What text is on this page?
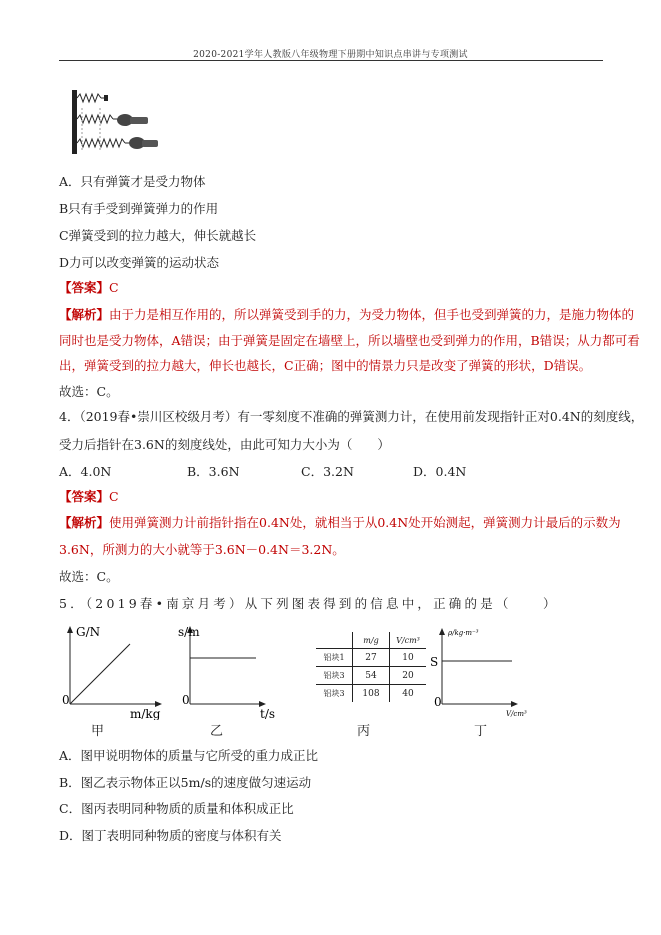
2020-2021学年人教版八年级物理下册期中知识点串讲与专项测试
A．只有弹簧才是受力物体
B只有手受到弹簧弹力的作用
C弹簧受到的拉力越大，伸长就越长
D力可以改变弹簧的运动状态
【答案】C
【解析】由于力是相互作用的，所以弹簧受到手的力，为受力物体，但手也受到弹簧的力，是施力物体的
同时也是受力物体，A错误；由于弹簧是固定在墙壁上，所以墙壁也受到弹力的作用，B错误；从力都可看
出，弹簧受到的拉力越大，伸长也越长，C正确；图中的情景力只是改变了弹簧的形状，D错误。
故选：C。
4．（2019春•崇川区校级月考）有一零刻度不准确的弹簧测力计，在使用前发现指针正对0.4N的刻度线，
受力后指针在3.6N的刻度线处，由此可知力大小为（　　）
A．4.0N	B．3.6N	C．3.2N	D．0.4N
【答案】C
【解析】使用弹簧测力计前指针指在0.4N处，就相当于从0.4N处开始测起，弹簧测力计最后的示数为
3.6N，所测力的大小就等于3.6N－0.4N＝3.2N。
故选：C。
5．（2019春•南京月考）从下列图表得到的信息中，正确的是（　　）
G/N
0
m/kg
甲
s/m
0
t/s
乙
	m/g	V/cm³
铝块1	27	10
铝块3	54	20
铝块3	108	40
丙
ρ/kg·m⁻³
S
0
V/cm³
丁
A．图甲说明物体的质量与它所受的重力成正比
B．图乙表示物体正以5m/s的速度做匀速运动
C．图丙表明同种物质的质量和体积成正比
D．图丁表明同种物质的密度与体积有关
